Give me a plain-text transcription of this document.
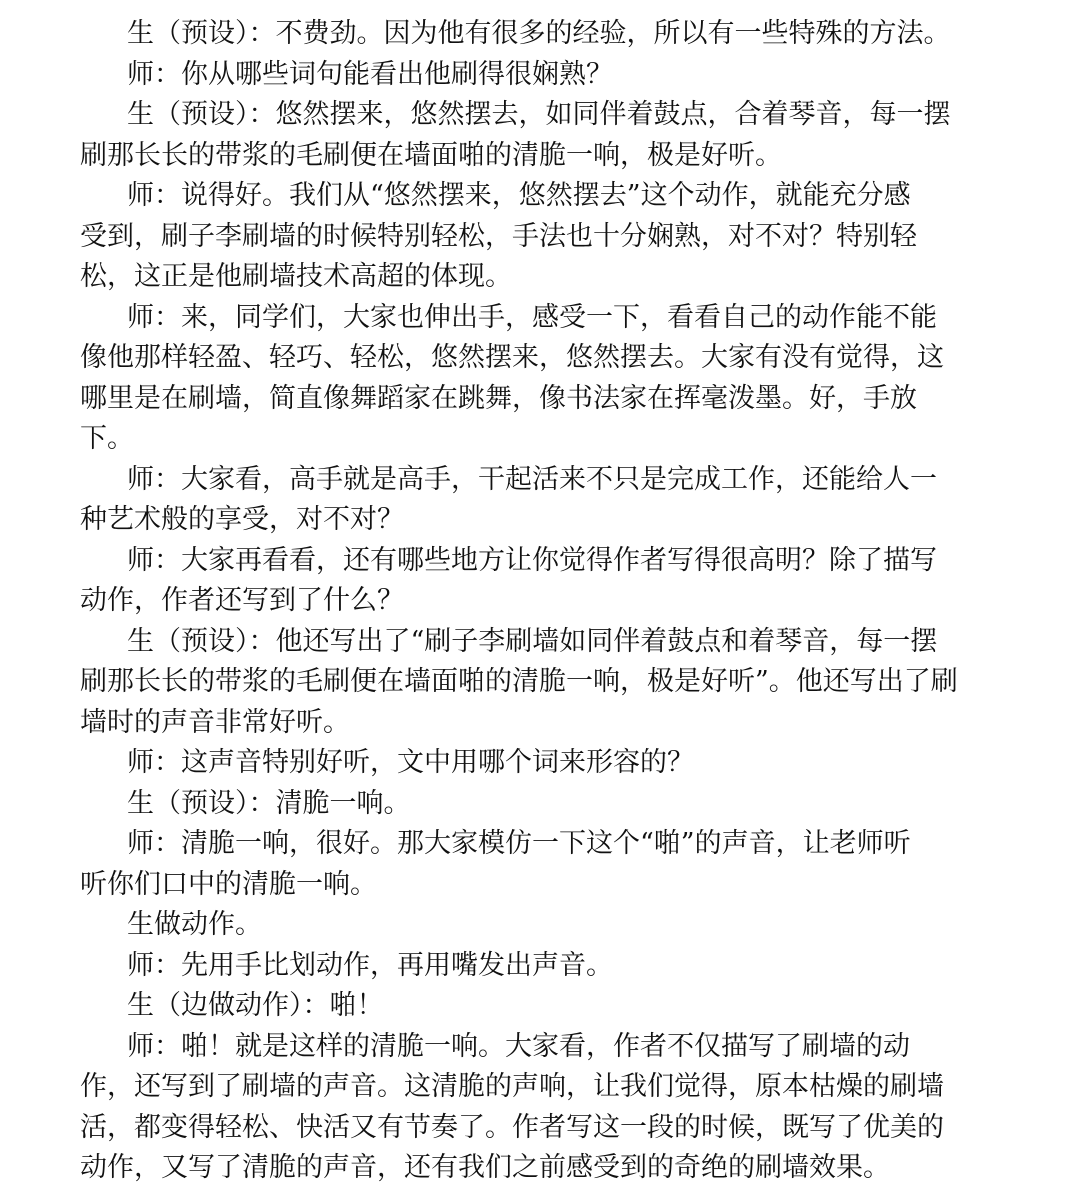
生（预设）：不费劲。因为他有很多的经验，所以有一些特殊的方法。
师：你从哪些词句能看出他刷得很娴熟？
生（预设）：悠然摆来，悠然摆去，如同伴着鼓点，合着琴音，每一摆
刷那长长的带浆的毛刷便在墙面啪的清脆一响，极是好听。
师：说得好。我们从“悠然摆来，悠然摆去”这个动作，就能充分感
受到，刷子李刷墙的时候特别轻松，手法也十分娴熟，对不对？特别轻
松，这正是他刷墙技术高超的体现。
师：来，同学们，大家也伸出手，感受一下，看看自己的动作能不能
像他那样轻盈、轻巧、轻松，悠然摆来，悠然摆去。大家有没有觉得，这
哪里是在刷墙，简直像舞蹈家在跳舞，像书法家在挥毫泼墨。好，手放
下。
师：大家看，高手就是高手，干起活来不只是完成工作，还能给人一
种艺术般的享受，对不对？
师：大家再看看，还有哪些地方让你觉得作者写得很高明？除了描写
动作，作者还写到了什么？
生（预设）：他还写出了“刷子李刷墙如同伴着鼓点和着琴音，每一摆
刷那长长的带浆的毛刷便在墙面啪的清脆一响，极是好听”。他还写出了刷
墙时的声音非常好听。
师：这声音特别好听，文中用哪个词来形容的？
生（预设）：清脆一响。
师：清脆一响，很好。那大家模仿一下这个“啪”的声音，让老师听
听你们口中的清脆一响。
生做动作。
师：先用手比划动作，再用嘴发出声音。
生（边做动作）：啪！
师：啪！就是这样的清脆一响。大家看，作者不仅描写了刷墙的动
作，还写到了刷墙的声音。这清脆的声响，让我们觉得，原本枯燥的刷墙
活，都变得轻松、快活又有节奏了。作者写这一段的时候，既写了优美的
动作，又写了清脆的声音，还有我们之前感受到的奇绝的刷墙效果。
